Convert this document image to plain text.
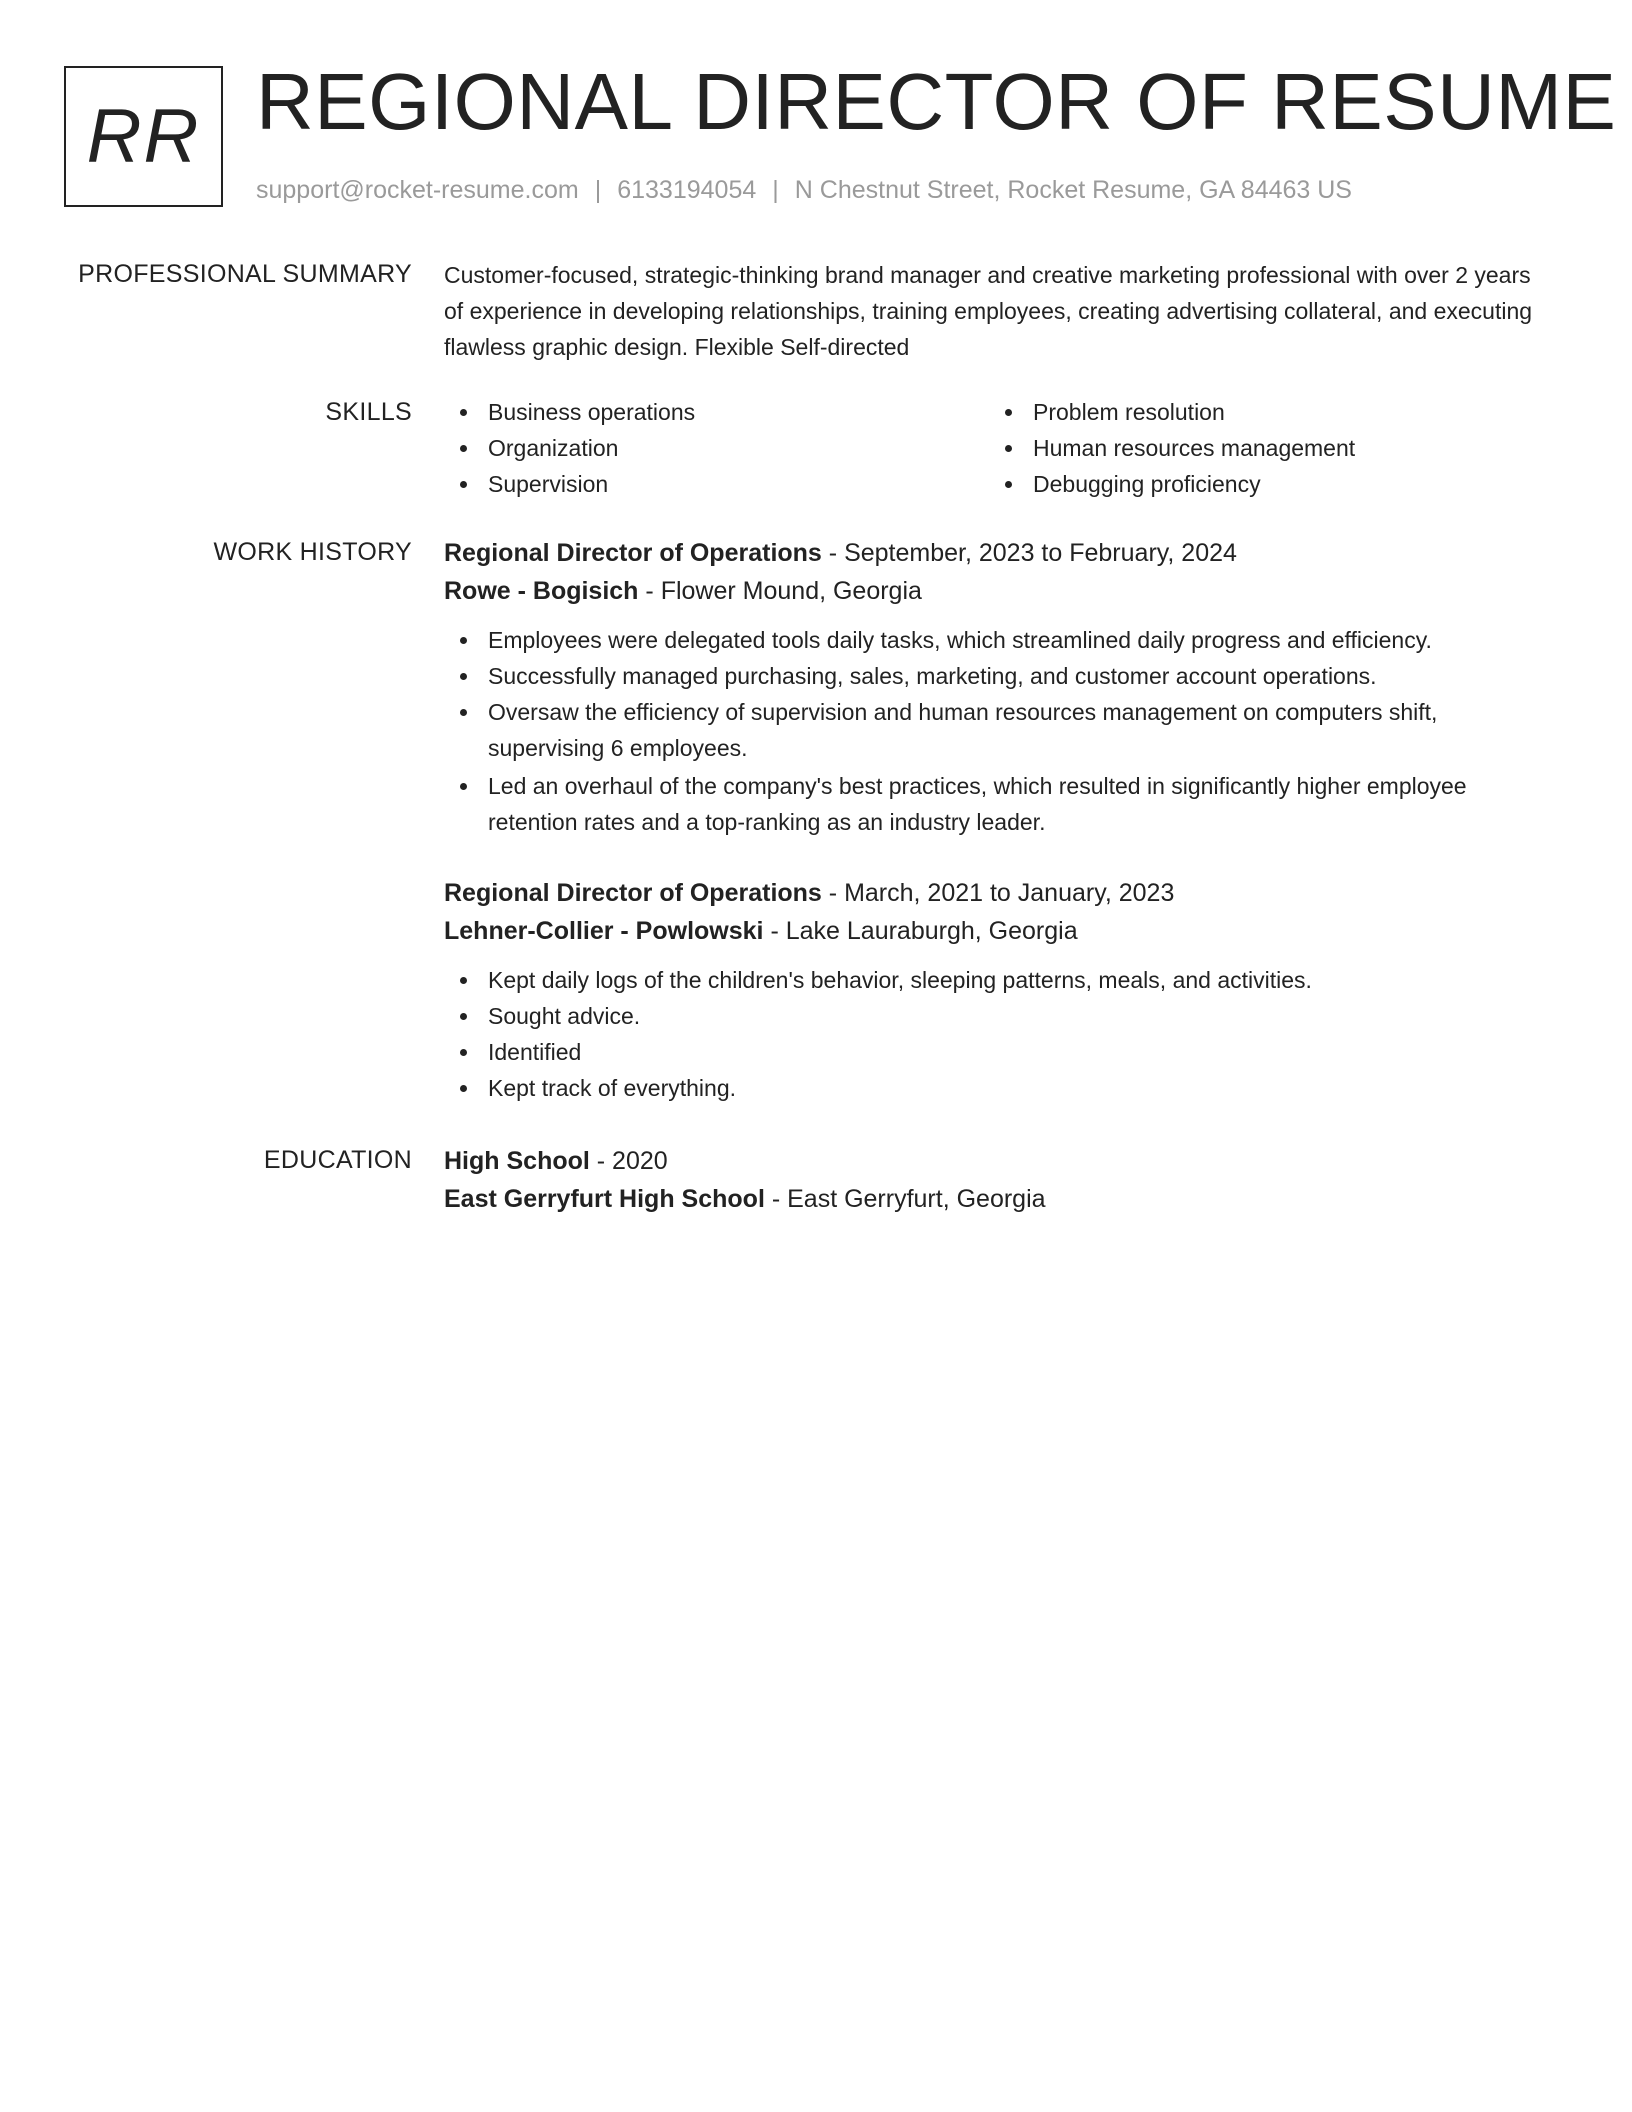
RR REGIONAL DIRECTOR OF RESUME
support@rocket-resume.com | 6133194054 | N Chestnut Street, Rocket Resume, GA 84463 US
PROFESSIONAL SUMMARY Customer-focused, strategic-thinking brand manager and creative marketing professional with over 2 years of experience in developing relationships, training employees, creating advertising collateral, and executing flawless graphic design. Flexible Self-directed

SKILLS	Business operations
Organization
Supervision
Problem resolution
Human resources management
Debugging proficiency
WORK HISTORY Regional Director of Operations - September, 2023 to February, 2024
Rowe - Bogisich - Flower Mound, Georgia
Employees were delegated tools daily tasks, which streamlined daily progress and efficiency.
Successfully managed purchasing, sales, marketing, and customer account operations.
Oversaw the efficiency of supervision and human resources management on computers shift, supervising 6 employees.
Led an overhaul of the company's best practices, which resulted in significantly higher employee retention rates and a top-ranking as an industry leader.
Regional Director of Operations - March, 2021 to January, 2023
Lehner-Collier - Powlowski - Lake Lauraburgh, Georgia
Kept daily logs of the children's behavior, sleeping patterns, meals, and activities.
Sought advice.
Identified
Kept track of everything.
EDUCATION High School - 2020
East Gerryfurt High School - East Gerryfurt, Georgia
